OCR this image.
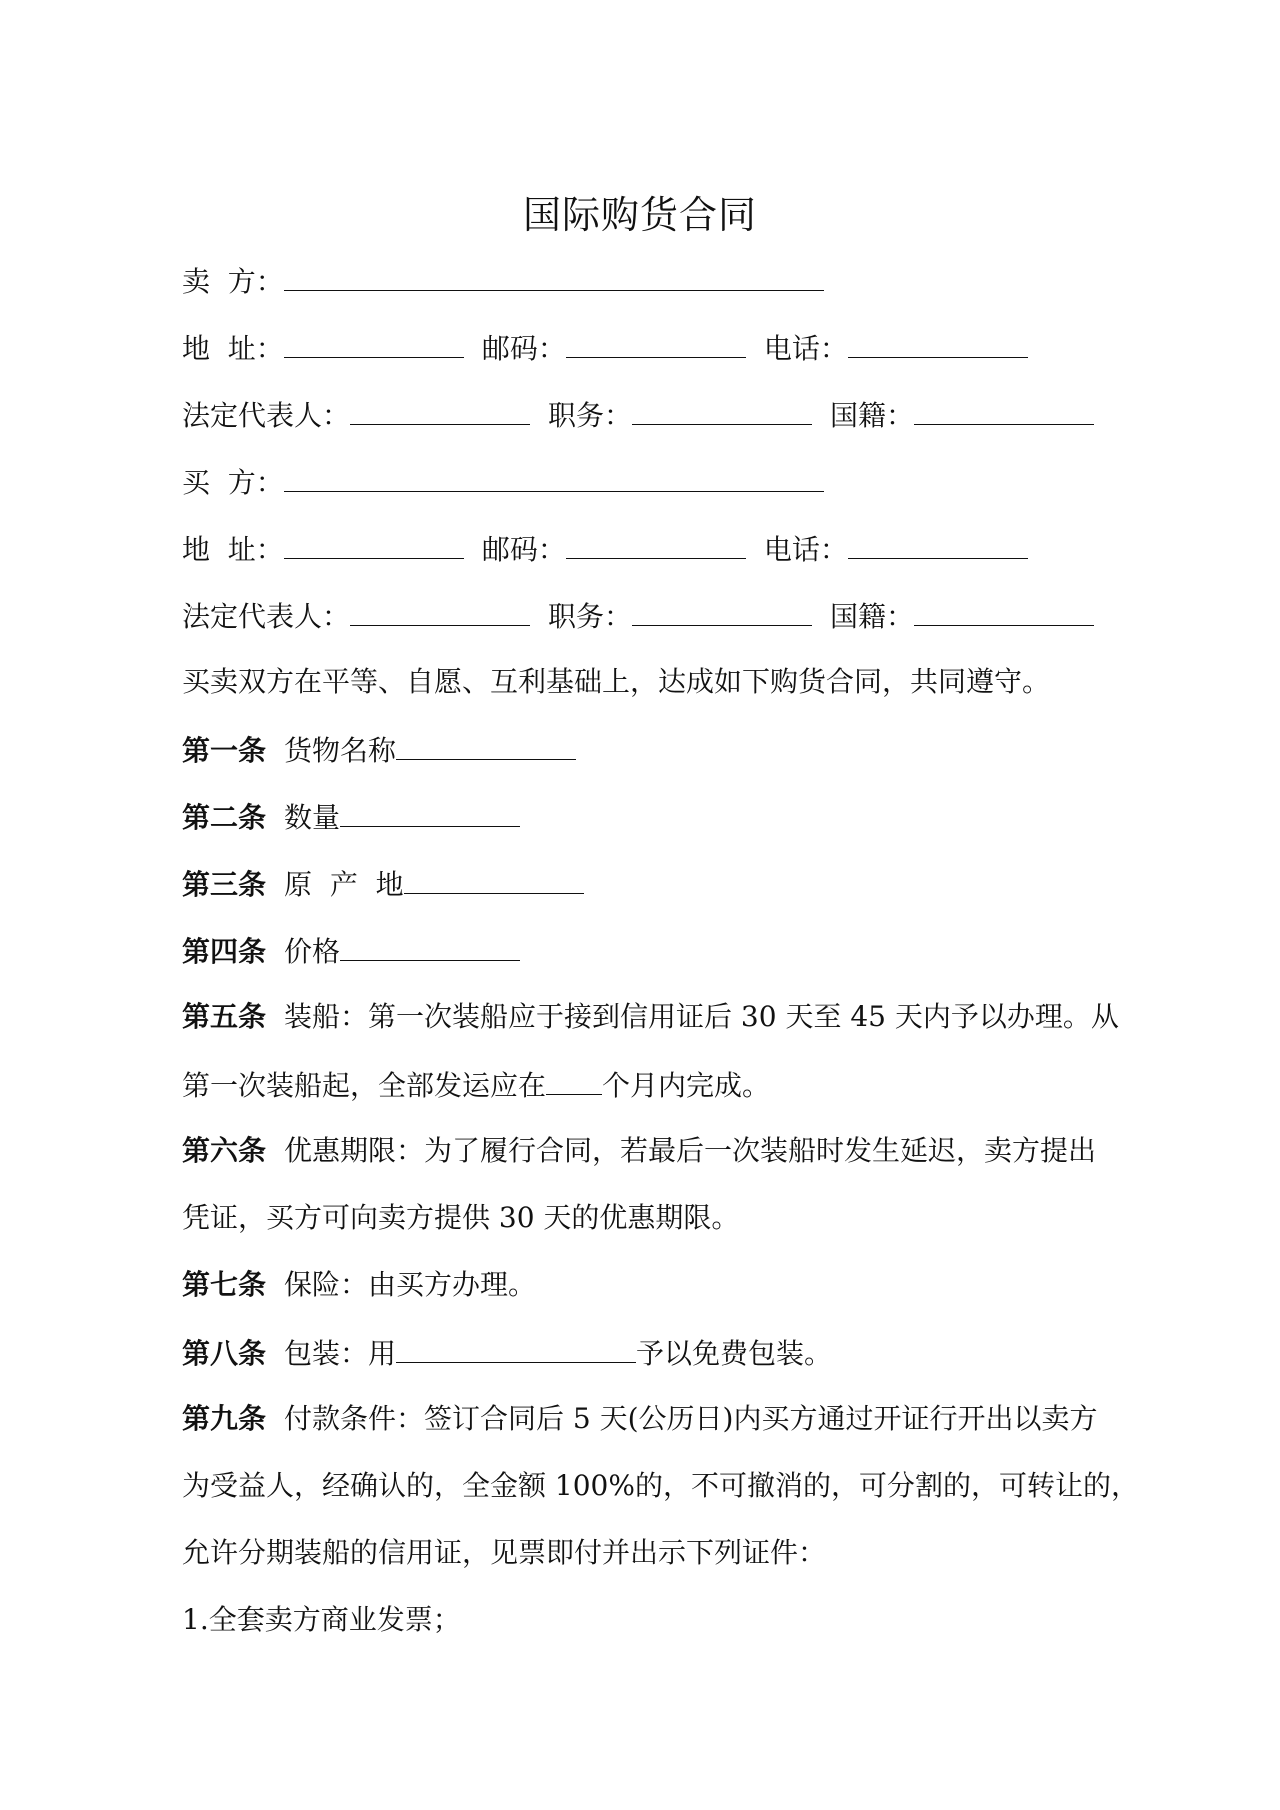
国际购货合同
卖  方：
地  址：	邮码：	电话：
法定代表人：	职务：	国籍：
买  方：
地  址：	邮码：	电话：
法定代表人：	职务：	国籍：
买卖双方在平等、自愿、互利基础上，达成如下购货合同，共同遵守。
第一条 货物名称
第二条 数量
第三条 原  产  地
第四条 价格
第五条 装船：第一次装船应于接到信用证后 30 天至 45 天内予以办理。从
第一次装船起，全部发运应在 个月内完成。
第六条 优惠期限：为了履行合同，若最后一次装船时发生延迟，卖方提出
凭证，买方可向卖方提供 30 天的优惠期限。
第七条 保险：由买方办理。
第八条 包装：用	予以免费包装。
第九条 付款条件：签订合同后 5 天(公历日)内买方通过开证行开出以卖方
为受益人，经确认的，全金额 100%的，不可撤消的，可分割的，可转让的，
允许分期装船的信用证，见票即付并出示下列证件：
1.全套卖方商业发票；
